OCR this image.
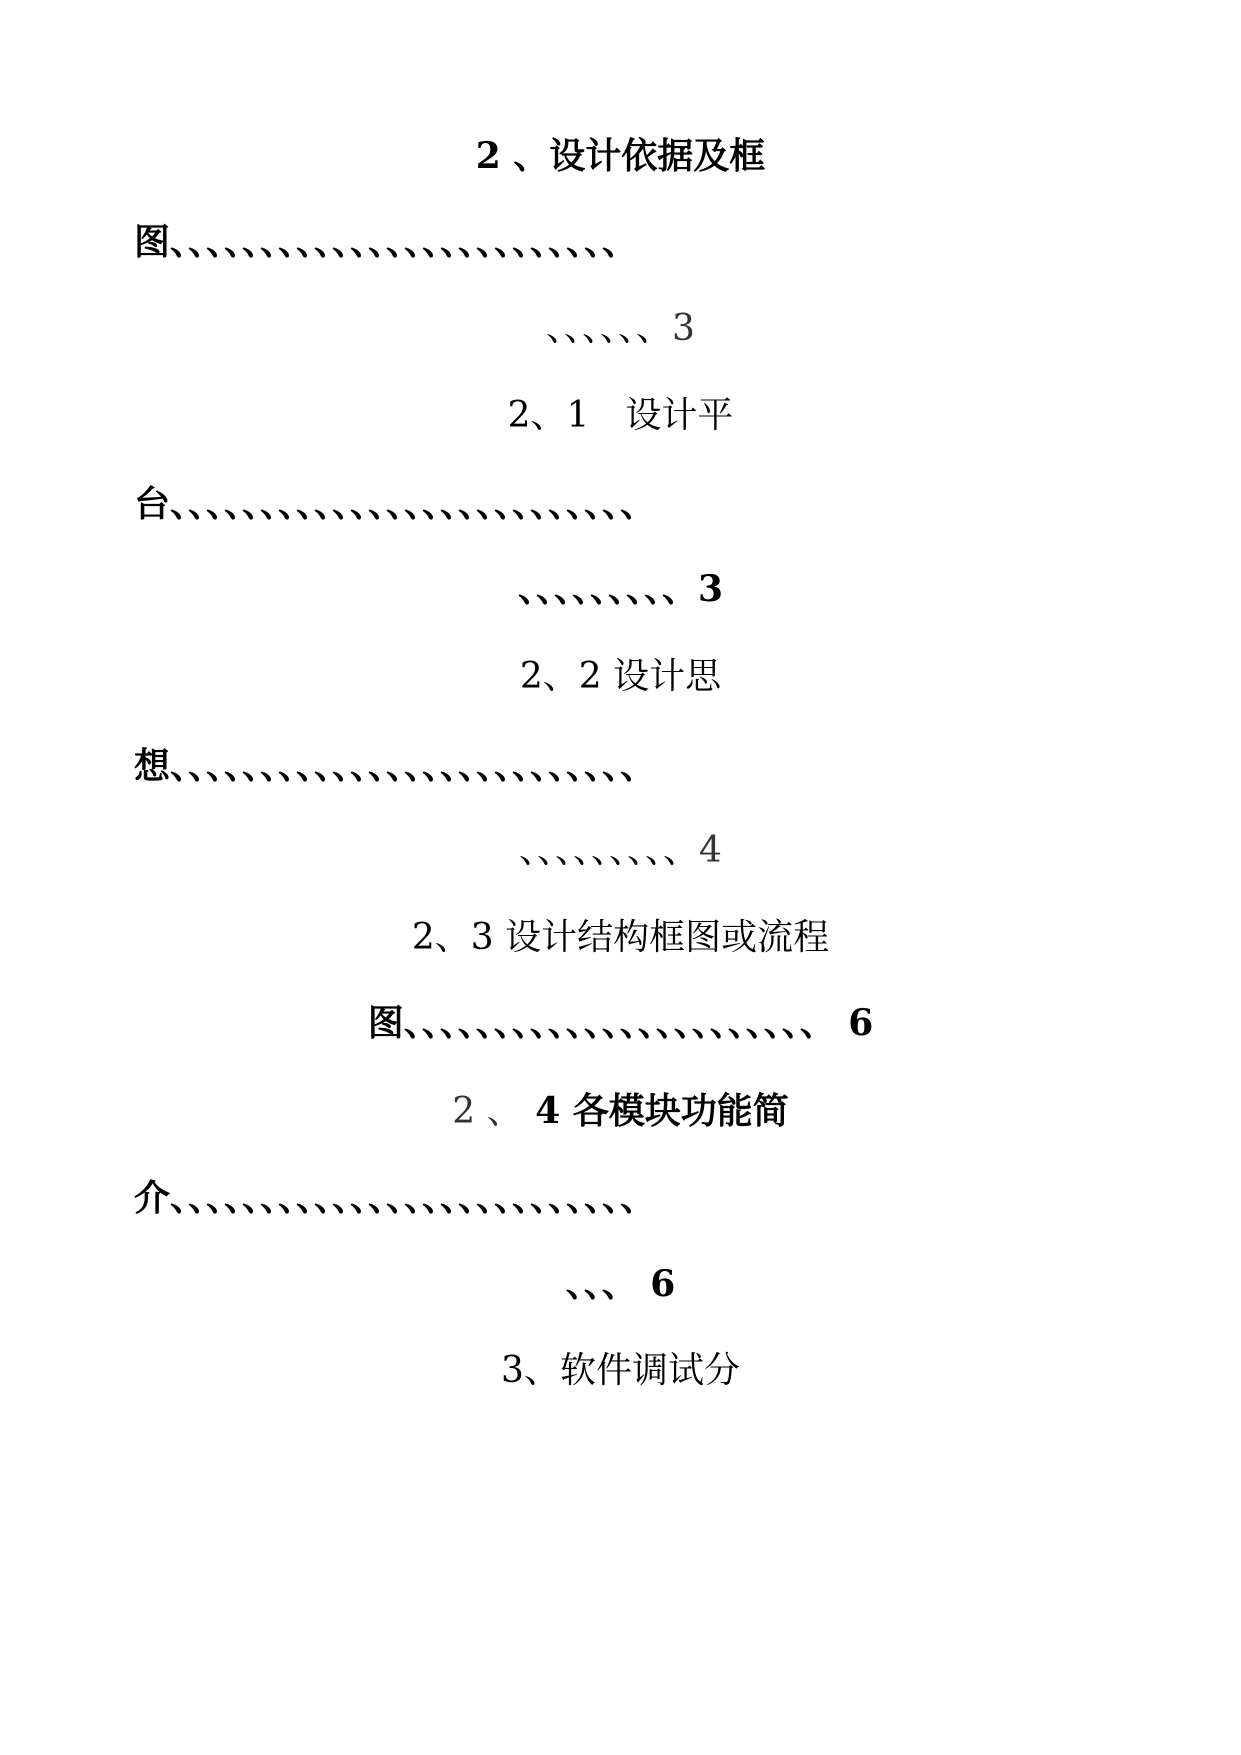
2 、设计依据及框
图、、、、、、、、、、、、、、、、、、、、、、、、、
、、、、、、3
2、1　设计平
台、、、、、、、、、、、、、、、、、、、、、、、、、、
、、、、、、、、、3
2、2 设计思
想、、、、、、、、、、、、、、、、、、、、、、、、、、
、、、、、、、、、4
2、3 设计结构框图或流程
图、、、、、、、、、、、、、、、、、、、、、、、 6
2 、 4 各模块功能简
介、、、、、、、、、、、、、、、、、、、、、、、、、、
、、、 6
3、软件调试分
